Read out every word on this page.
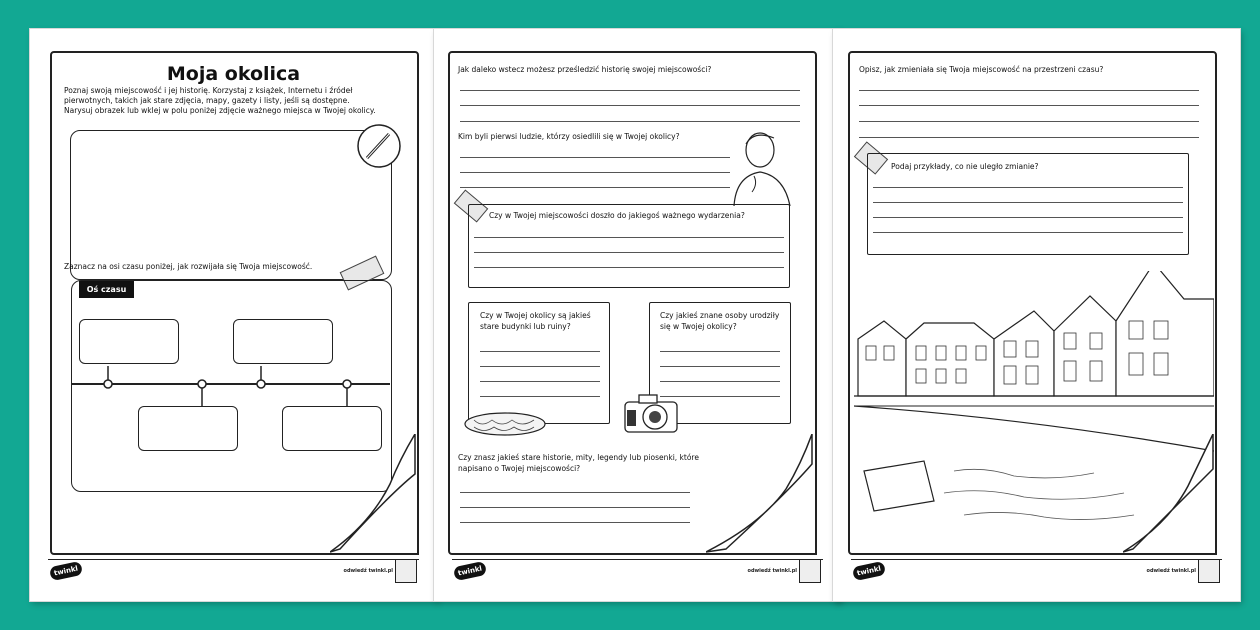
Moja okolica
Poznaj swoją miejscowość i jej historię. Korzystaj z książek, Internetu i źródeł pierwotnych, takich jak stare zdjęcia, mapy, gazety i listy, jeśli są dostępne.
Narysuj obrazek lub wklej w polu poniżej zdjęcie ważnego miejsca w Twojej okolicy.
Zaznacz na osi czasu poniżej, jak rozwijała się Twoja miejscowość.
Oś czasu
twinkl	odwiedź twinkl.pl
Jak daleko wstecz możesz prześledzić historię swojej miejscowości?
Kim byli pierwsi ludzie, którzy osiedlili się w Twojej okolicy?
Czy w Twojej miejscowości doszło do jakiegoś ważnego wydarzenia?
Czy w Twojej okolicy są jakieś stare budynki lub ruiny?
Czy jakieś znane osoby urodziły się w Twojej okolicy?
Czy znasz jakieś stare historie, mity, legendy lub piosenki, które napisano o Twojej miejscowości?
twinkl	odwiedź twinkl.pl
Opisz, jak zmieniała się Twoja miejscowość na przestrzeni czasu?
Podaj przykłady, co nie uległo zmianie?
twinkl	odwiedź twinkl.pl
